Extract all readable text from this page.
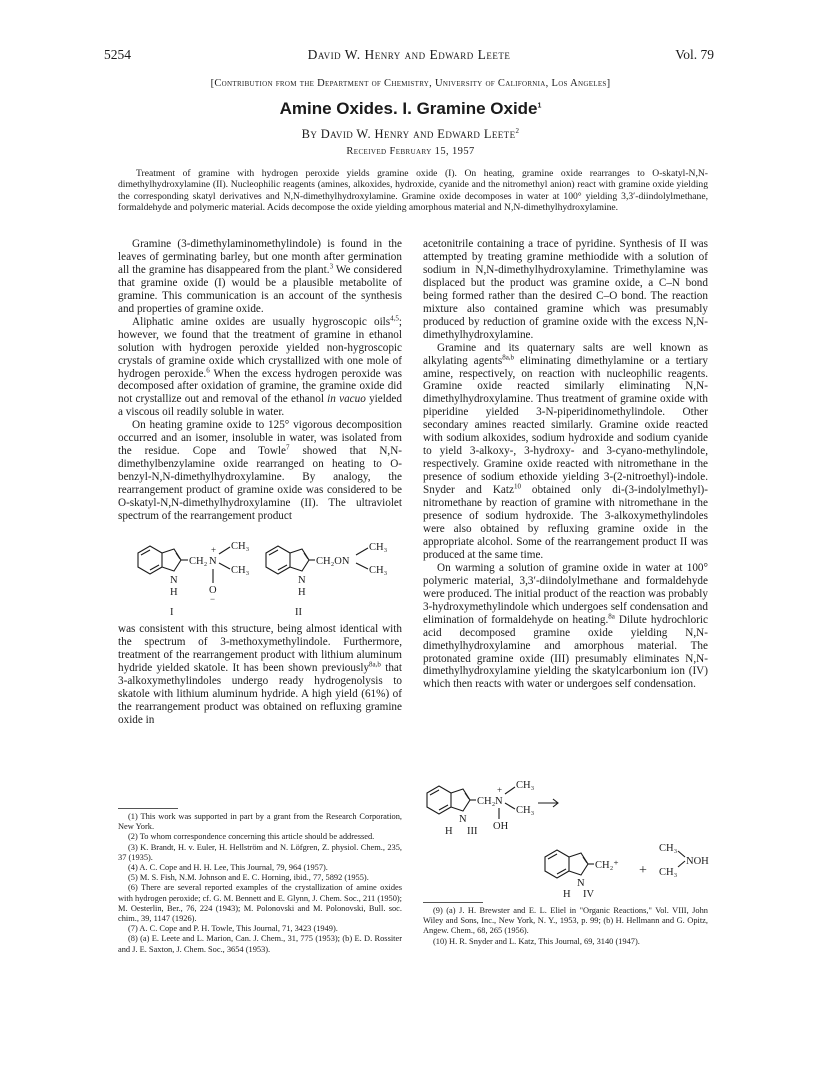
5254	David W. Henry and Edward Leete	Vol. 79
[Contribution from the Department of Chemistry, University of California, Los Angeles]
Amine Oxides. I. Gramine Oxide$^1$
By David W. Henry and Edward Leete$^2$
Received February 15, 1957
Treatment of gramine with hydrogen peroxide yields gramine oxide (I). On heating, gramine oxide rearranges to O-skatyl-N,N-dimethylhydroxylamine (II). Nucleophilic reagents (amines, alkoxides, hydroxide, cyanide and the nitromethyl anion) react with gramine oxide yielding the corresponding skatyl derivatives and N,N-dimethylhydroxylamine. Gramine oxide decomposes in water at 100° yielding 3,3′-diindolylmethane, formaldehyde and polymeric material. Acids decompose the oxide yielding amorphous material and N,N-dimethylhydroxylamine.

Gramine (3-dimethylaminomethylindole) is found in the leaves of germinating barley, but one month after germination all the gramine has disappeared from the plant.$^3$ We considered that gramine oxide (I) would be a plausible metabolite of gramine. This communication is an account of the synthesis and properties of gramine oxide.

Aliphatic amine oxides are usually hygroscopic oils$^{4,5}$; however, we found that the treatment of gramine in ethanol solution with hydrogen peroxide yielded non-hygroscopic crystals of gramine oxide which crystallized with one mole of hydrogen peroxide.$^6$ When the excess hydrogen peroxide was decomposed after oxidation of gramine, the gramine oxide did not crystallize out and removal of the ethanol in vacuo yielded a viscous oil readily soluble in water.

On heating gramine oxide to 125° vigorous decomposition occurred and an isomer, insoluble in water, was isolated from the residue. Cope and Towle$^7$ showed that N,N-dimethylbenzylamine oxide rearranged on heating to O-benzyl-N,N-dimethylhydroxylamine. By analogy, the rearrangement product of gramine oxide was considered to be O-skatyl-N,N-dimethylhydroxylamine (II). The ultraviolet spectrum of the rearrangement product

CH₂ N
+ CH₃
CH₃
O
−
N
H
I
CH₂ON
CH₃
CH₃
N
H
II

was consistent with this structure, being almost identical with the spectrum of 3-methoxymethylindole. Furthermore, treatment of the rearrangement product with lithium aluminum hydride yielded skatole. It has been shown previously$^{8a,b}$ that 3-alkoxymethylindoles undergo ready hydrogenolysis to skatole with lithium aluminum hydride. A high yield (61%) of the rearrangement product was obtained on refluxing gramine oxide in

(1) This work was supported in part by a grant from the Research Corporation, New York.
(2) To whom correspondence concerning this article should be addressed.
(3) K. Brandt, H. v. Euler, H. Hellström and N. Löfgren, Z. physiol. Chem., 235, 37 (1935).
(4) A. C. Cope and H. H. Lee, This Journal, 79, 964 (1957).
(5) M. S. Fish, N.M. Johnson and E. C. Horning, ibid., 77, 5892 (1955).
(6) There are several reported examples of the crystallization of amine oxides with hydrogen peroxide; cf. G. M. Bennett and E. Glynn, J. Chem. Soc., 211 (1950); M. Oesterlin, Ber., 76, 224 (1943); M. Polonovski and M. Polonovski, Bull. soc. chim., 39, 1147 (1926).
(7) A. C. Cope and P. H. Towle, This Journal, 71, 3423 (1949).
(8) (a) E. Leete and L. Marion, Can. J. Chem., 31, 775 (1953); (b) E. D. Rossiter and J. E. Saxton, J. Chem. Soc., 3654 (1953).

acetonitrile containing a trace of pyridine. Synthesis of II was attempted by treating gramine methiodide with a solution of sodium in N,N-dimethylhydroxylamine. Trimethylamine was displaced but the product was gramine oxide, a C–N bond being formed rather than the desired C–O bond. The reaction mixture also contained gramine which was presumably produced by reduction of gramine oxide with the excess N,N-dimethylhydroxylamine.

Gramine and its quaternary salts are well known as alkylating agents$^{8a,b}$ eliminating dimethylamine or a tertiary amine, respectively, on reaction with nucleophilic reagents. Gramine oxide reacted similarly eliminating N,N-dimethylhydroxylamine. Thus treatment of gramine oxide with piperidine yielded 3-N-piperidinomethylindole. Other secondary amines reacted similarly. Gramine oxide reacted with sodium alkoxides, sodium hydroxide and sodium cyanide to yield 3-alkoxy-, 3-hydroxy- and 3-cyano-methylindole, respectively. Gramine oxide reacted with nitromethane in the presence of sodium ethoxide yielding 3-(2-nitroethyl)-indole. Snyder and Katz$^{10}$ obtained only di-(3-indolylmethyl)-nitromethane by reaction of gramine with nitromethane in the presence of sodium hydroxide. The 3-alkoxymethylindoles were also obtained by refluxing gramine oxide in the appropriate alcohol. Some of the rearrangement product II was produced at the same time.

On warming a solution of gramine oxide in water at 100° polymeric material, 3,3′-diindolylmethane and formaldehyde were produced. The initial product of the reaction was probably 3-hydroxymethylindole which undergoes self condensation and elimination of formaldehyde on heating.$^{8a}$ Dilute hydrochloric acid decomposed gramine oxide yielding N,N-dimethylhydroxylamine and amorphous material. The protonated gramine oxide (III) presumably eliminates N,N-dimethylhydroxylamine yielding the skatylcarbonium ion (IV) which then reacts with water or undergoes self condensation.

CH₂ N
+ CH₃
CH₃
OH
N
H III
CH₂⁺
N
H IV
+
CH₃
CH₃
NOH
(9) (a) J. H. Brewster and E. L. Eliel in "Organic Reactions," Vol. VIII, John Wiley and Sons, Inc., New York, N. Y., 1953, p. 99; (b) H. Hellmann and G. Opitz, Angew. Chem., 68, 265 (1956).
(10) H. R. Snyder and L. Katz, This Journal, 69, 3140 (1947).
